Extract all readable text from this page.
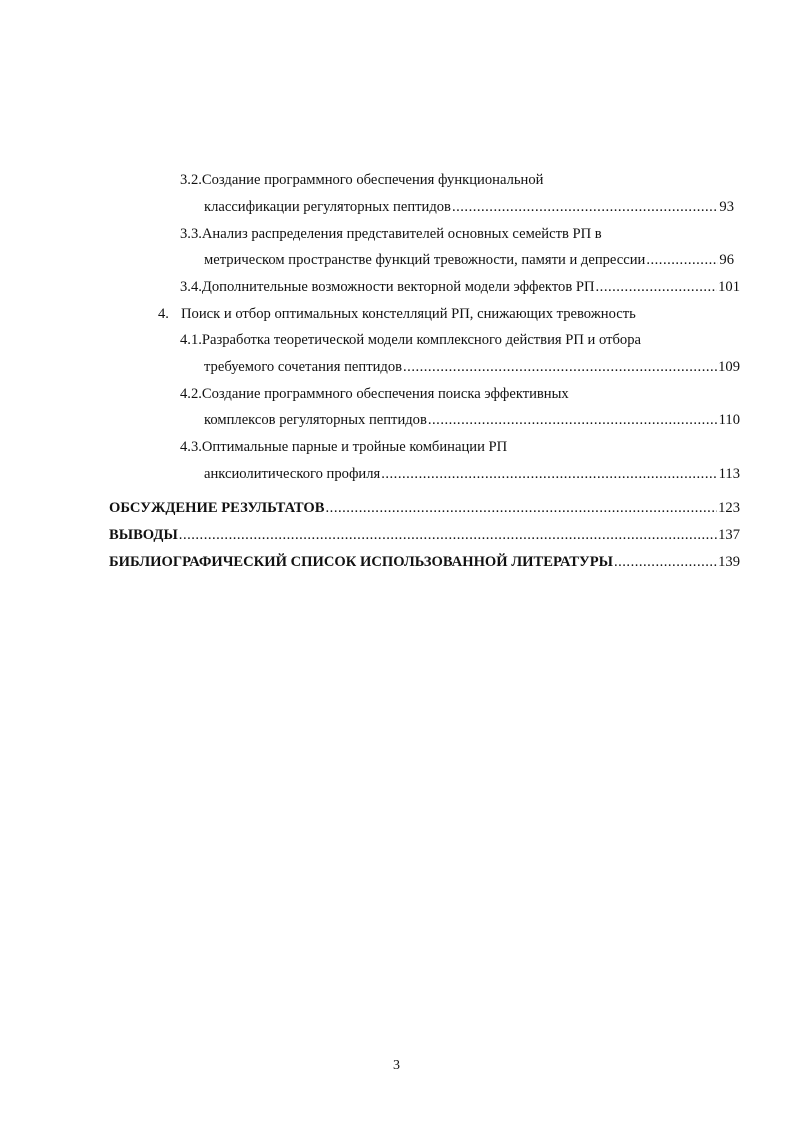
3.2.Создание программного обеспечения функциональной
классификации регуляторных пептидов .....	93
3.3.Анализ распределения представителей основных семейств РП в
метрическом пространстве функций тревожности, памяти и депрессии .....	96
3.4.Дополнительные возможности векторной модели эффектов РП .....	101
4. Поиск и отбор оптимальных констелляций РП, снижающих тревожность
4.1.Разработка теоретической модели комплексного действия РП и отбора
требуемого сочетания пептидов .....	109
4.2.Создание программного обеспечения поиска эффективных
комплексов регуляторных пептидов .....	110
4.3.Оптимальные парные и тройные комбинации РП
анксиолитического профиля .....	113
ОБСУЖДЕНИЕ РЕЗУЛЬТАТОВ .....	123
ВЫВОДЫ .....	137
БИБЛИОГРАФИЧЕСКИЙ СПИСОК ИСПОЛЬЗОВАННОЙ ЛИТЕРАТУРЫ .....	139
3
